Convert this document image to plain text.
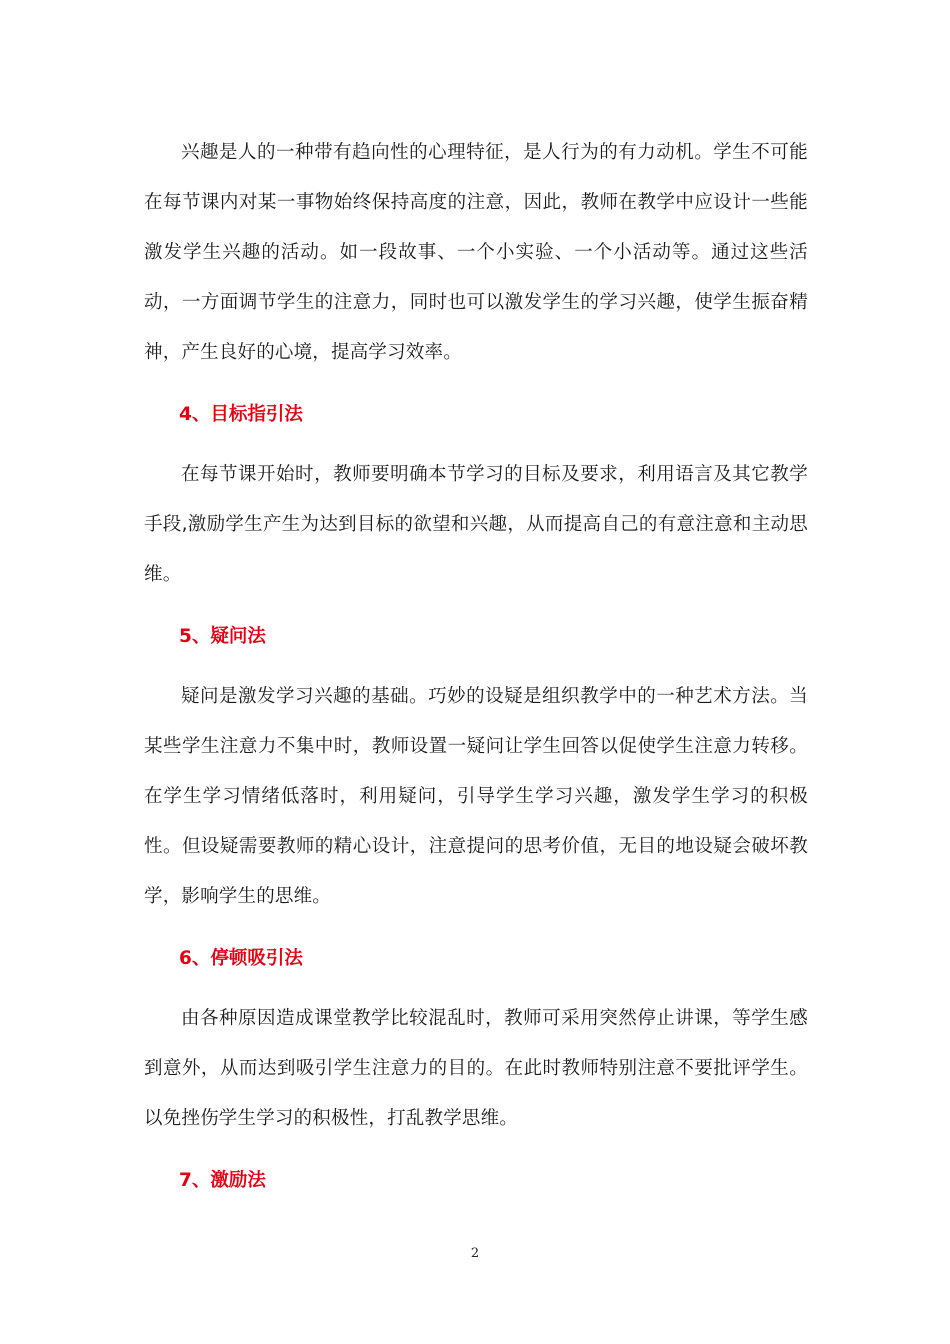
兴趣是人的一种带有趋向性的心理特征，是人行为的有力动机。学生不可能在每节课内对某一事物始终保持高度的注意，因此，教师在教学中应设计一些能激发学生兴趣的活动。如一段故事、一个小实验、一个小活动等。通过这些活动，一方面调节学生的注意力，同时也可以激发学生的学习兴趣，使学生振奋精神，产生良好的心境，提高学习效率。

4、目标指引法

在每节课开始时，教师要明确本节学习的目标及要求，利用语言及其它教学手段,激励学生产生为达到目标的欲望和兴趣，从而提高自己的有意注意和主动思维。

5、疑问法

疑问是激发学习兴趣的基础。巧妙的设疑是组织教学中的一种艺术方法。当某些学生注意力不集中时，教师设置一疑问让学生回答以促使学生注意力转移。在学生学习情绪低落时，利用疑问，引导学生学习兴趣，激发学生学习的积极性。但设疑需要教师的精心设计，注意提问的思考价值，无目的地设疑会破坏教学，影响学生的思维。

6、停顿吸引法

由各种原因造成课堂教学比较混乱时，教师可采用突然停止讲课，等学生感到意外，从而达到吸引学生注意力的目的。在此时教师特别注意不要批评学生。以免挫伤学生学习的积极性，打乱教学思维。

7、激励法

2
